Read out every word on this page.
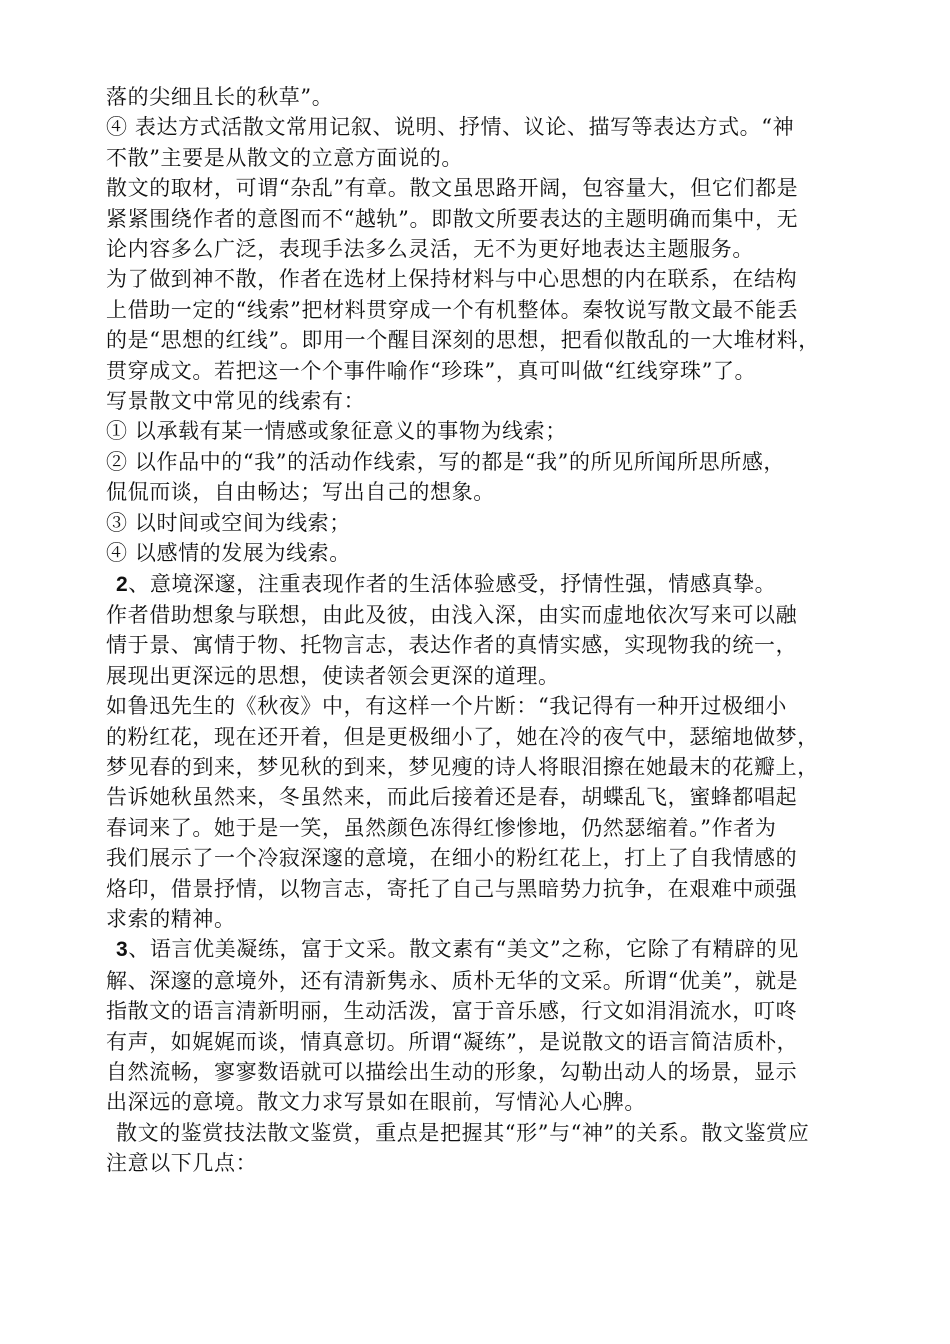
落的尖细且长的秋草”。
④ 表达方式活散文常用记叙、说明、抒情、议论、描写等表达方式。“神
不散”主要是从散文的立意方面说的。
散文的取材，可谓“杂乱”有章。散文虽思路开阔，包容量大，但它们都是
紧紧围绕作者的意图而不“越轨”。即散文所要表达的主题明确而集中，无
论内容多么广泛，表现手法多么灵活，无不为更好地表达主题服务。
为了做到神不散，作者在选材上保持材料与中心思想的内在联系，在结构
上借助一定的“线索”把材料贯穿成一个有机整体。秦牧说写散文最不能丢
的是“思想的红线”。即用一个醒目深刻的思想，把看似散乱的一大堆材料，
贯穿成文。若把这一个个事件喻作“珍珠”，真可叫做“红线穿珠”了。
写景散文中常见的线索有：
① 以承载有某一情感或象征意义的事物为线索；
② 以作品中的“我”的活动作线索，写的都是“我”的所见所闻所思所感，
侃侃而谈，自由畅达；写出自己的想象。
③ 以时间或空间为线索；
④ 以感情的发展为线索。
2、意境深邃，注重表现作者的生活体验感受，抒情性强，情感真挚。
作者借助想象与联想，由此及彼，由浅入深，由实而虚地依次写来可以融
情于景、寓情于物、托物言志，表达作者的真情实感，实现物我的统一，
展现出更深远的思想，使读者领会更深的道理。
如鲁迅先生的《秋夜》中，有这样一个片断：“我记得有一种开过极细小
的粉红花，现在还开着，但是更极细小了，她在冷的夜气中，瑟缩地做梦，
梦见春的到来，梦见秋的到来，梦见瘦的诗人将眼泪擦在她最末的花瓣上，
告诉她秋虽然来，冬虽然来，而此后接着还是春，胡蝶乱飞，蜜蜂都唱起
春词来了。她于是一笑，虽然颜色冻得红惨惨地，仍然瑟缩着。”作者为
我们展示了一个冷寂深邃的意境，在细小的粉红花上，打上了自我情感的
烙印，借景抒情，以物言志，寄托了自己与黑暗势力抗争，在艰难中顽强
求索的精神。
3、语言优美凝练，富于文采。散文素有“美文”之称，它除了有精辟的见
解、深邃的意境外，还有清新隽永、质朴无华的文采。所谓“优美”，就是
指散文的语言清新明丽，生动活泼，富于音乐感，行文如涓涓流水，叮咚
有声，如娓娓而谈，情真意切。所谓“凝练”，是说散文的语言简洁质朴，
自然流畅，寥寥数语就可以描绘出生动的形象，勾勒出动人的场景，显示
出深远的意境。散文力求写景如在眼前，写情沁人心脾。
散文的鉴赏技法散文鉴赏，重点是把握其“形”与“神”的关系。散文鉴赏应
注意以下几点：
